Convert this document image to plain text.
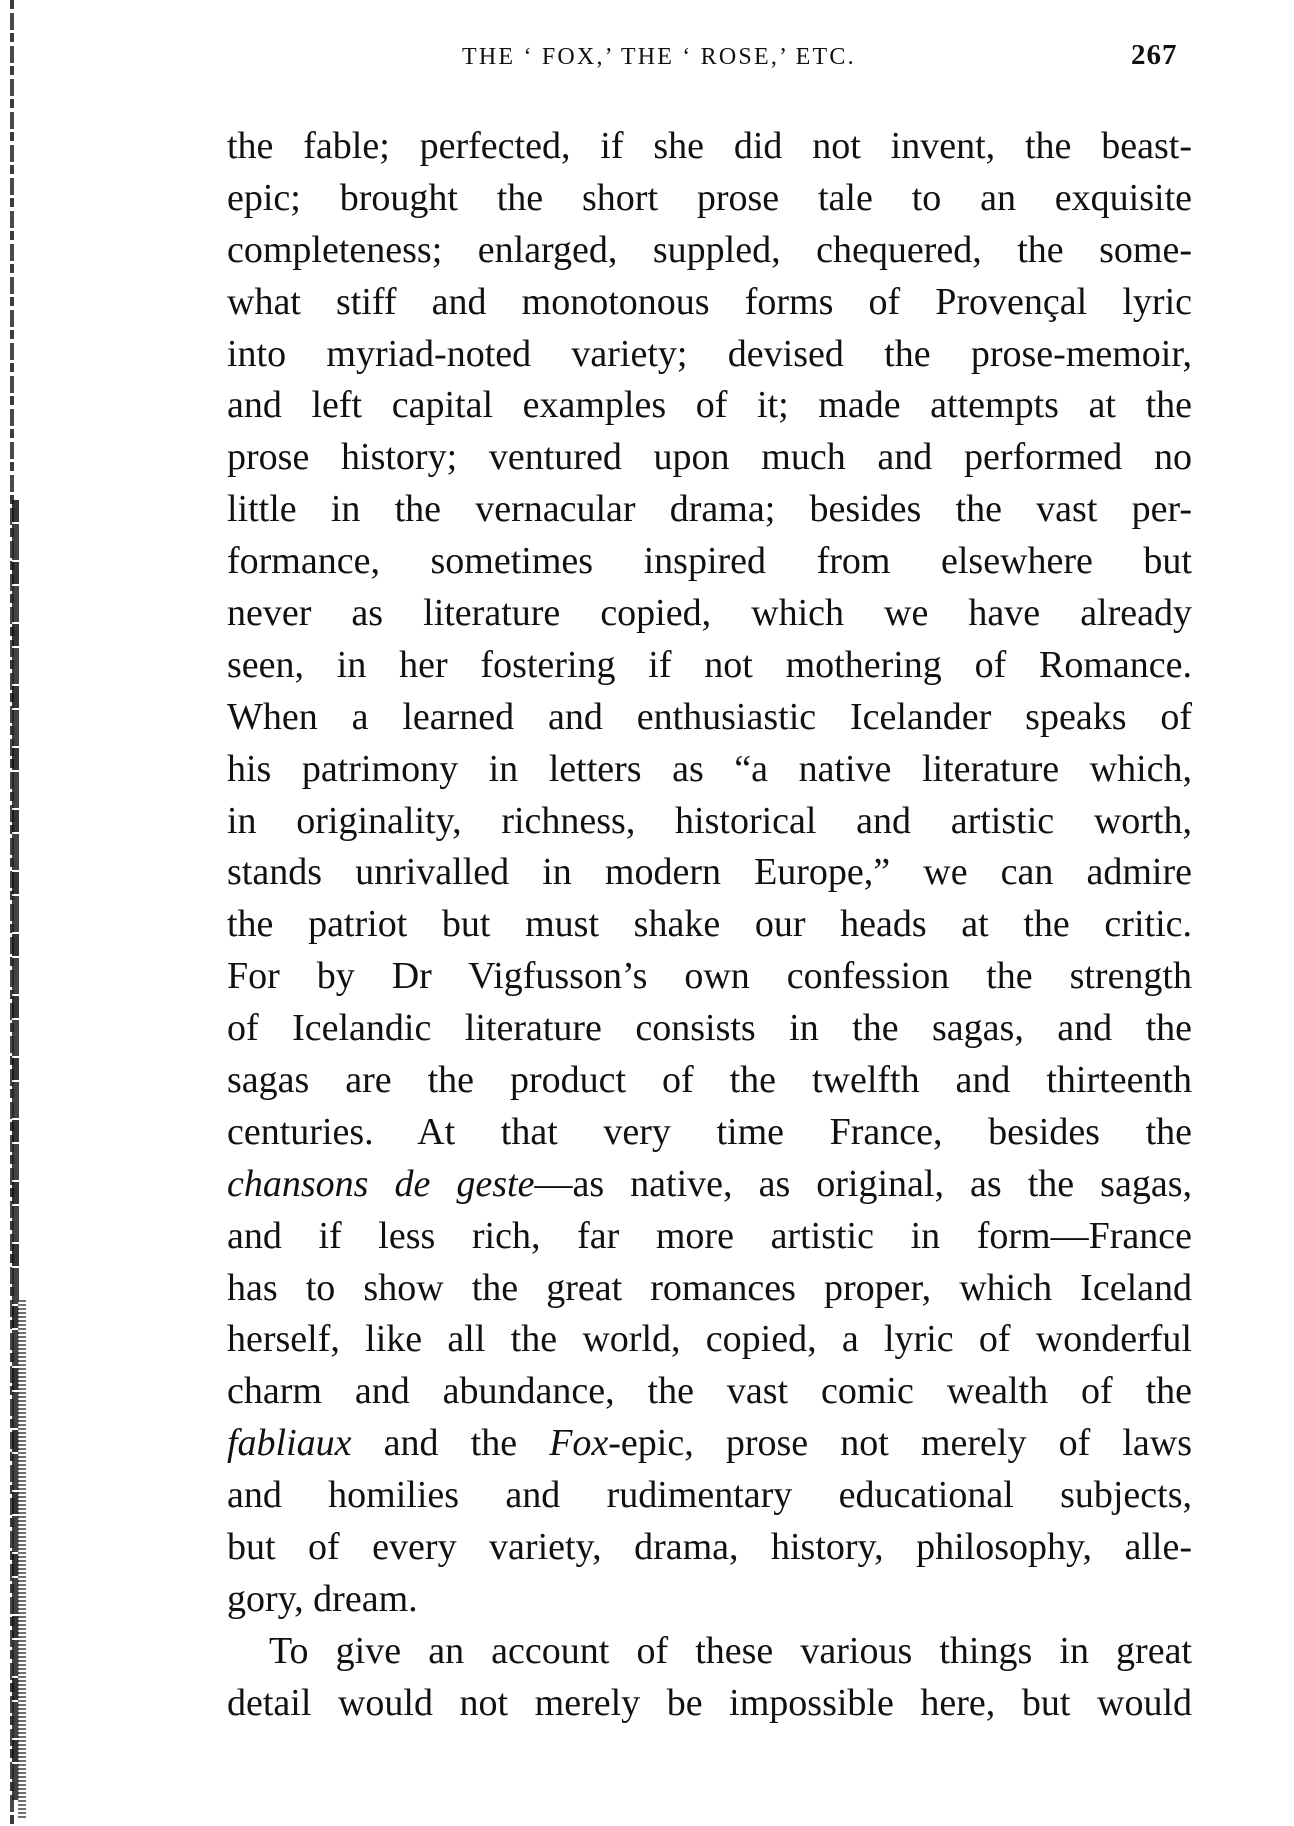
THE ‘ FOX,’ THE ‘ ROSE,’ ETC.	267
the fable; perfected, if she did not invent, the beast-
epic; brought the short prose tale to an exquisite
completeness; enlarged, suppled, chequered, the some-
what stiff and monotonous forms of Provençal lyric
into myriad-noted variety; devised the prose-memoir,
and left capital examples of it; made attempts at the
prose history; ventured upon much and performed no
little in the vernacular drama; besides the vast per-
formance, sometimes inspired from elsewhere but
never as literature copied, which we have already
seen, in her fostering if not mothering of Romance.
When a learned and enthusiastic Icelander speaks of
his patrimony in letters as “a native literature which,
in originality, richness, historical and artistic worth,
stands unrivalled in modern Europe,” we can admire
the patriot but must shake our heads at the critic.
For by Dr Vigfusson’s own confession the strength
of Icelandic literature consists in the sagas, and the
sagas are the product of the twelfth and thirteenth
centuries. At that very time France, besides the
chansons de geste—as native, as original, as the sagas,
and if less rich, far more artistic in form—France
has to show the great romances proper, which Iceland
herself, like all the world, copied, a lyric of wonderful
charm and abundance, the vast comic wealth of the
fabliaux and the Fox-epic, prose not merely of laws
and homilies and rudimentary educational subjects,
but of every variety, drama, history, philosophy, alle-
gory, dream.
To give an account of these various things in great
detail would not merely be impossible here, but would
